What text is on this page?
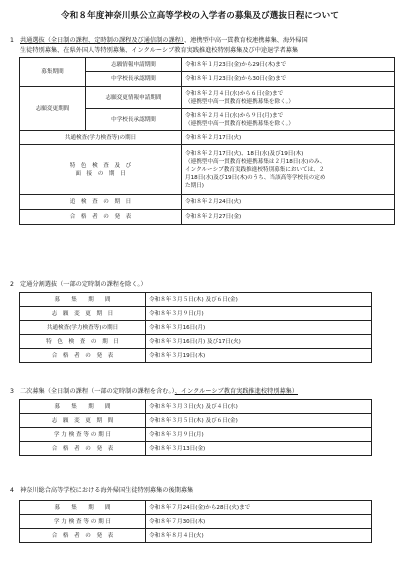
令和８年度神奈川県公立高等学校の入学者の募集及び選抜日程について
1 共通選抜（全日制の課程、定時制の課程及び通信制の課程）、連携型中高一貫教育校連携募集、海外帰国
生徒特別募集、在県外国人等特別募集、インクルーシブ教育実践推進校特別募集及び中途退学者募集
募集期間	志願情報申請期間	令和８年１月23日(金)から29日(木)まで
	中学校長承認期間	令和８年１月23日(金)から30日(金)まで
志願変更期間	志願変更情報申請期間	令和８年２月４日(水)から６日(金)まで
（連携型中高一貫教育校連携募集を除く。）

	中学校長承認期間	令和８年２月４日(水)から９日(月)まで
（連携型中高一貫教育校連携募集を除く。）

共通検査(学力検査等)の期日		令和８年２月17日(火)

特　色　検　査　及　び
面　接　の　期　日		令和８年２月17日(火)、18日(水)及び19日(木)
（連携型中高一貫教育校連携募集は２月18日(水)のみ、
インクルーシブ教育実践推進校特別募集においては、２
月18日(水)及び19日(木)のうち、当該高等学校長の定め
た期日)

追　検　査　の　期　日		令和８年２月24日(火)
合　格　者　の　発　表		令和８年２月27日(金)
2 定通分割選抜（一部の定時制の課程を除く。）
募　　集　　期　　間	令和８年３月５日(木) 及び６日(金)
志　願　変　更　期　日	令和８年３月９日(月)
共通検査(学力検査等)の期日	令和８年３月16日(月)
特　色　検　査　の　期　日	令和８年３月16日(月) 及び17日(火)
合　格　者　の　発　表	令和８年３月19日(木)
3 二次募集（全日制の課程（一部の定時制の課程を含む。）、インクルーシブ教育実践推進校特別募集）
募　　集　　期　　間	令和８年３月３日(火) 及び４日(水)
志　願　変　更　期　間	令和８年３月５日(木) 及び６日(金)
学 力 検 査 等 の 期 日	令和８年３月９日(月)
合　格　者　の　発　表	令和８年３月13日(金)
4 神奈川総合高等学校における海外帰国生徒特別募集の後期募集
募　　集　　期　　間	令和８年７月24日(金)から28日(火)まで
学 力 検 査 等 の 期 日	令和８年７月30日(木)
合　格　者　の　発　表	令和８年８月４日(火)
